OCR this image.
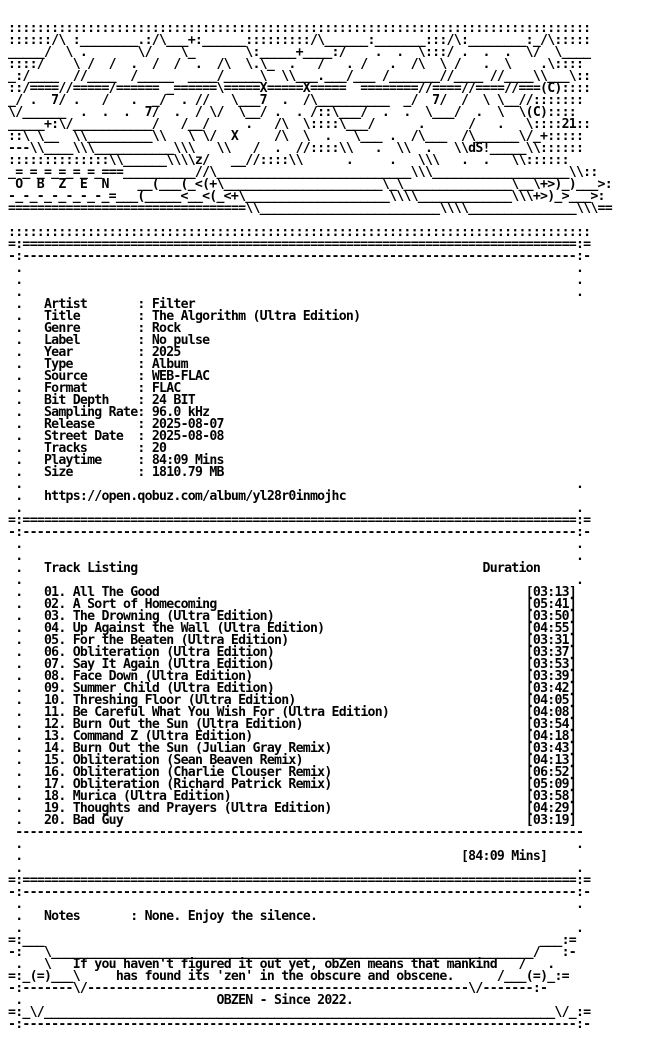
:::::::::::::::::::::::::::::::::::::::::::::::::::::::::::::::::::::::::::::::::
::::::/\ :________.:/\___+:______:::::::::/\______:_______:::/\:________:_/\:::::
_____/  \ .       \/    \_       \:_____+____:/    .  .  \:::/ .  .  .  \/  \____
::::/    \ /  /  .  /  /  .  /\  \.\_  .   /   . /   .  /\  \ /   .  \    .\::::
_:/____  //____  /_____  ____/_____\  \\___.___/___ /_______//____ //____\\___\::
::/====//=====/====== _======\=====X=====X=====  ========//====//====//===(C)::::
_/ .  7/ .   /   .  _/  . //   \___7  .  /\__________  _/  7/  /  \ \__//:::::::
\/______  .  .  .  7/  .  / \/  \__/ .  . /::\___/  .  .  \___/  .  \  \(C)::::
_____+:\/___________/   /__/     .   /\  \::::\___/      .      /   .   \::::21::
::\ \__  \\_________\\   \ \/  X     /\  \  .   \___ .  /\___  /\______\/_+:::::
---\\____\\\___________\\\   \\   /  .  //::::\\   .  \\  .   \\dS!_____\\::::::
::::::::::::::\\______\\\\z/   __//::::\\      .     .   \\\   .  .   \\::::::
_=_=_=_=_=_=_===__________//\___________________________\\\___________________\\::
O  B  Z  E  N    __(___(_<(+\______________________\_\_______________\__\+>)_)___>:
-_-_-_-_-_-_-_=___(_____<__<(_<+\____________________\\\\_____________\\\+>)_>___>:
=================================\\_________________________\\\\_______________\\\==

:::::::::::::::::::::::::::::::::::::::::::::::::::::::::::::::::::::::::::::::::
=:=============================================================================:=
-:-----------------------------------------------------------------------------:-
.                                                                             .
.                                                                             .
.                                                                             .
.   Artist       : Filter
.   Title        : The Algorithm (Ultra Edition)
.   Genre        : Rock
.   Label        : No pulse
.   Year         : 2025
.   Type         : Album
.   Source       : WEB-FLAC
.   Format       : FLAC
.   Bit Depth    : 24 BIT
.   Sampling Rate: 96.0 kHz
.   Release      : 2025-08-07
.   Street Date  : 2025-08-08
.   Tracks       : 20
.   Playtime     : 84:09 Mins
.   Size         : 1810.79 MB
.                                                                             .
.   https://open.qobuz.com/album/yl28r0inmojhc
.                                                                             .
=:=============================================================================:=
-:-----------------------------------------------------------------------------:-
.                                                                             .
.                                                                             .
.   Track Listing	Duration
.                                                                             .
.   01. All The Good                                                   [03:13]
.   02. A Sort of Homecoming                                           [05:41]
.   03. The Drowning (Ultra Edition)                                   [03:50]
.   04. Up Against the Wall (Ultra Edition)                            [04:55]
.   05. For the Beaten (Ultra Edition)                                 [03:31]
.   06. Obliteration (Ultra Edition)                                   [03:37]
.   07. Say It Again (Ultra Edition)                                   [03:53]
.   08. Face Down (Ultra Edition)                                      [03:39]
.   09. Summer Child (Ultra Edition)                                   [03:42]
.   10. Threshing Floor (Ultra Edition)                                [04:05]
.   11. Be Careful What You Wish For (Ultra Edition)                   [04:08]
.   12. Burn Out the Sun (Ultra Edition)                               [03:54]
.   13. Command Z (Ultra Edition)                                      [04:18]
.   14. Burn Out the Sun (Julian Gray Remix)                           [03:43]
.   15. Obliteration (Sean Beaven Remix)                               [04:13]
.   16. Obliteration (Charlie Clouser Remix)                           [06:52]
.   17. Obliteration (Richard Patrick Remix)                           [05:09]
.   18. Murica (Ultra Edition)                                         [03:58]
.   19. Thoughts and Prayers (Ultra Edition)                           [04:29]
.   20. Bad Guy                                                        [03:19]
-------------------------------------------------------------------------------
.                                                                             .
.                                                             [84:09 Mins]
.                                                                             .
=:=============================================================================:=
-:-----------------------------------------------------------------------------:-
.                                                                             .
.   Notes       : None. Enjoy the silence.
.                                                                             .
=:___                                                                     ___:=
-:   \___________________________________________________________________/   :-
.   \   If you haven't figured it out yet, obZen means that mankind   /   .
=:_(=)___\     has found its 'zen' in the obscure and obscene.      /___(=)_:=
-:-------\/-----------------------------------------------------\/-------:-
.                           OBZEN - Since 2022.
=:_\/_______________________________________________________________________\/_:=
-:-----------------------------------------------------------------------------:-
